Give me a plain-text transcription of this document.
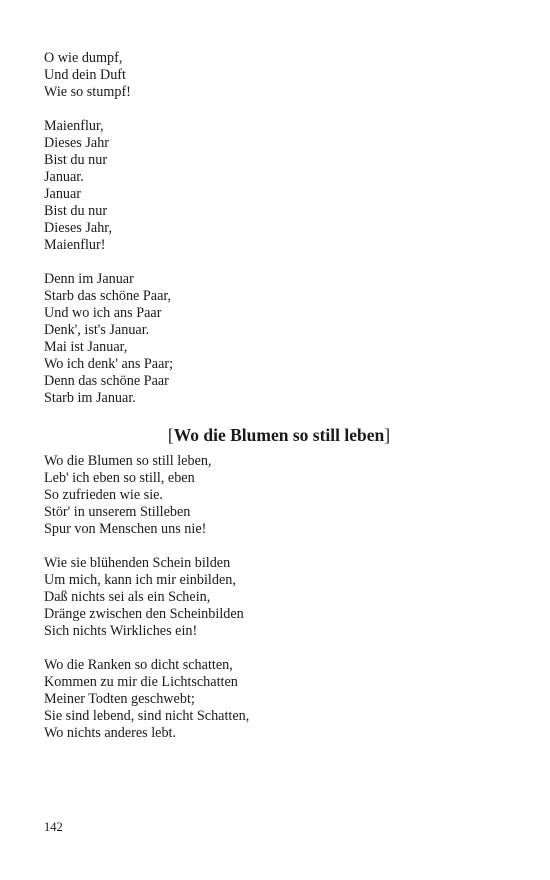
O wie dumpf,
Und dein Duft
Wie so stumpf!
Maienflur,
Dieses Jahr
Bist du nur
Januar.
Januar
Bist du nur
Dieses Jahr,
Maienflur!
Denn im Januar
Starb das schöne Paar,
Und wo ich ans Paar
Denk', ist's Januar.
Mai ist Januar,
Wo ich denk' ans Paar;
Denn das schöne Paar
Starb im Januar.
[Wo die Blumen so still leben]
Wo die Blumen so still leben,
Leb' ich eben so still, eben
So zufrieden wie sie.
Stör' in unserem Stilleben
Spur von Menschen uns nie!
Wie sie blühenden Schein bilden
Um mich, kann ich mir einbilden,
Daß nichts sei als ein Schein,
Dränge zwischen den Scheinbilden
Sich nichts Wirkliches ein!
Wo die Ranken so dicht schatten,
Kommen zu mir die Lichtschatten
Meiner Todten geschwebt;
Sie sind lebend, sind nicht Schatten,
Wo nichts anderes lebt.
142
